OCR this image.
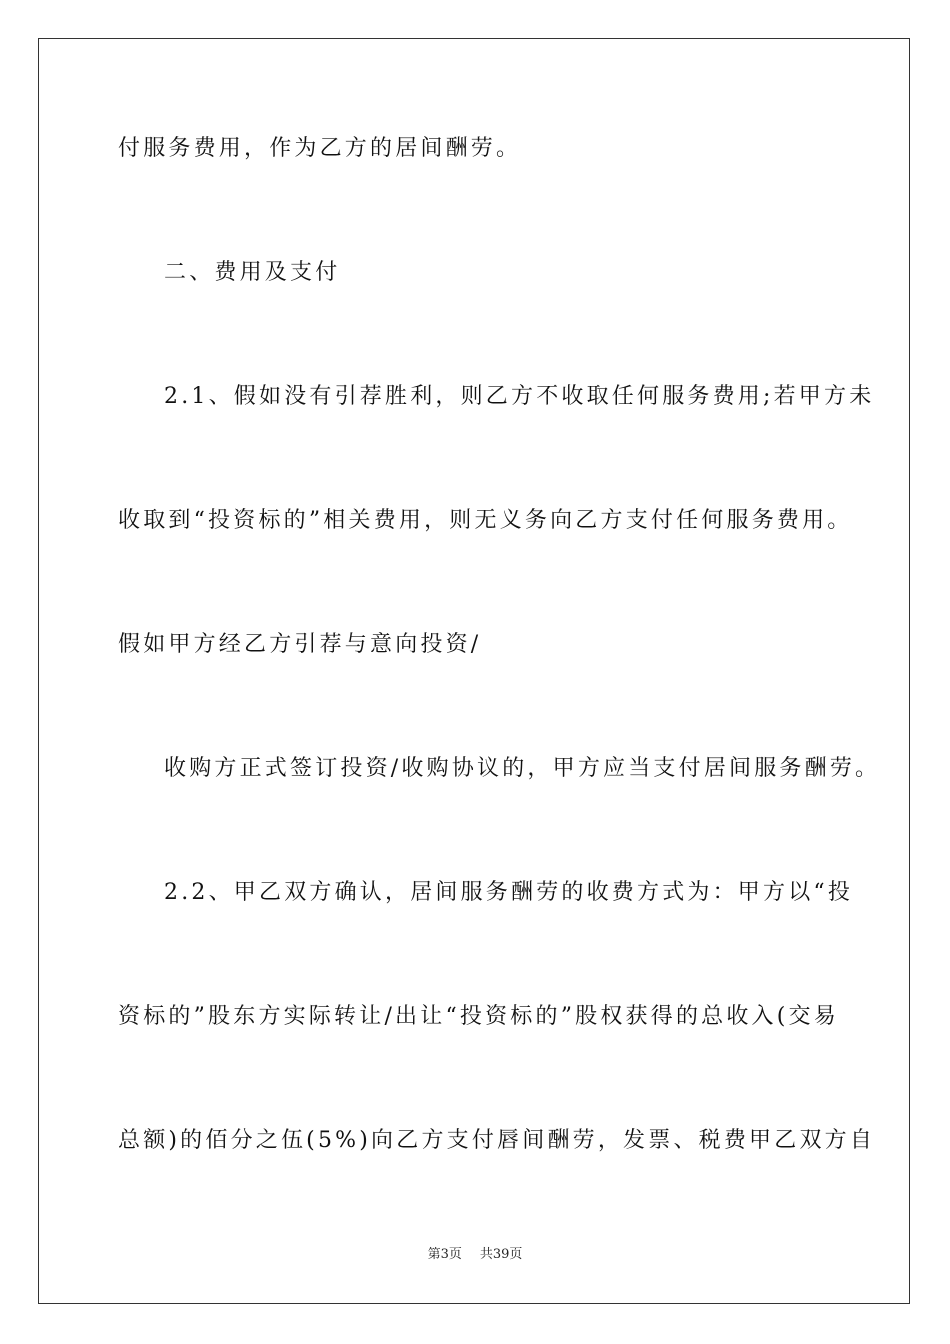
付服务费用，作为乙方的居间酬劳。
二、费用及支付
2.1、假如没有引荐胜利，则乙方不收取任何服务费用;若甲方未
收取到“投资标的”相关费用，则无义务向乙方支付任何服务费用。
假如甲方经乙方引荐与意向投资/
收购方正式签订投资/收购协议的，甲方应当支付居间服务酬劳。
2.2、甲乙双方确认，居间服务酬劳的收费方式为：甲方以“投
资标的”股东方实际转让/出让“投资标的”股权获得的总收入(交易
总额)的佰分之伍(5%)向乙方支付唇间酬劳，发票、税费甲乙双方自
第3页 共39页
